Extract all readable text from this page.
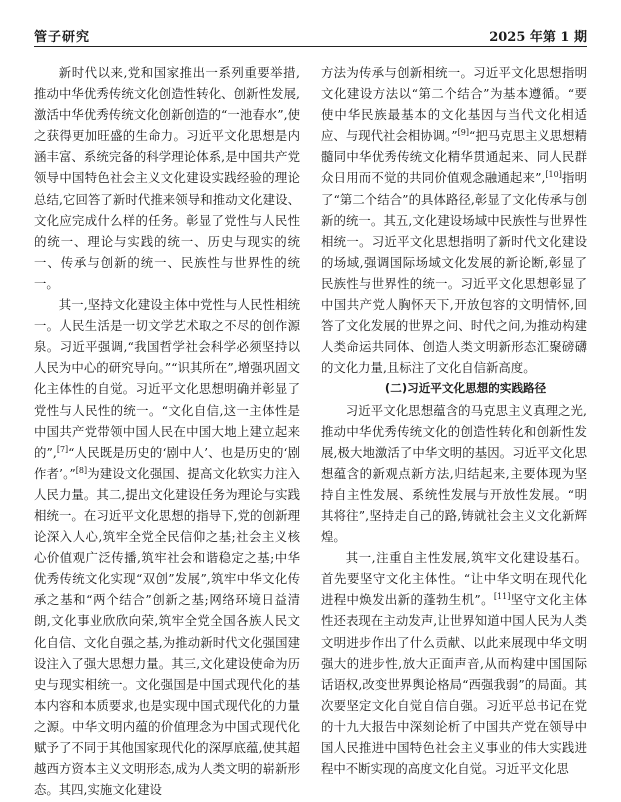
管子研究	2025 年第 1 期

新时代以来,党和国家推出一系列重要举措,推动中华优秀传统文化创造性转化、创新性发展,激活中华优秀传统文化创新创造的“一池春水”,使之获得更加旺盛的生命力。习近平文化思想是内涵丰富、系统完备的科学理论体系,是中国共产党领导中国特色社会主义文化建设实践经验的理论总结,它回答了新时代推来领导和推动文化建设、文化应完成什么样的任务。彰显了党性与人民性的统一、理论与实践的统一、历史与现实的统一、传承与创新的统一、民族性与世界性的统一。

其一,坚持文化建设主体中党性与人民性相统一。人民生活是一切文学艺术取之不尽的创作源泉。习近平强调,“我国哲学社会科学必须坚持以人民为中心的研究导向。”“识其所在”,增强巩固文化主体性的自觉。习近平文化思想明确并彰显了党性与人民性的统一。“文化自信,这一主体性是中国共产党带领中国人民在中国大地上建立起来的”,[7]“人民既是历史的‘剧中人’、也是历史的‘剧作者’。”[8]为建设文化强国、提高文化软实力注入人民力量。其二,提出文化建设任务为理论与实践相统一。在习近平文化思想的指导下,党的创新理论深入人心,筑牢全党全民信仰之基;社会主义核心价值观广泛传播,筑牢社会和谐稳定之基;中华优秀传统文化实现“双创”发展”,筑牢中华文化传承之基和“两个结合”创新之基;网络环境日益清朗,文化事业欣欣向荣,筑牢全党全国各族人民文化自信、文化自强之基,为推动新时代文化强国建设注入了强大思想力量。其三,文化建设使命为历史与现实相统一。文化强国是中国式现代化的基本内容和本质要求,也是实现中国式现代化的力量之源。中华文明内蕴的价值理念为中国式现代化赋予了不同于其他国家现代化的深厚底蕴,使其超越西方资本主义文明形态,成为人类文明的崭新形态。其四,实施文化建设

方法为传承与创新相统一。习近平文化思想指明文化建设方法以“第二个结合”为基本遵循。“要使中华民族最基本的文化基因与当代文化相适应、与现代社会相协调。”[9]“把马克思主义思想精髓同中华优秀传统文化精华贯通起来、同人民群众日用而不觉的共同价值观念融通起来”,[10]指明了“第二个结合”的具体路径,彰显了文化传承与创新的统一。其五,文化建设场域中民族性与世界性相统一。习近平文化思想指明了新时代文化建设的场域,强调国际场域文化发展的新论断,彰显了民族性与世界性的统一。习近平文化思想彰显了中国共产党人胸怀天下,开放包容的文明情怀,回答了文化发展的世界之问、时代之问,为推动构建人类命运共同体、创造人类文明新形态汇聚磅礴的文化力量,且标注了文化自信新高度。

(二)习近平文化思想的实践路径

习近平文化思想蕴含的马克思主义真理之光,推动中华优秀传统文化的创造性转化和创新性发展,极大地激活了中华文明的基因。习近平文化思想蕴含的新观点新方法,归结起来,主要体现为坚持自主性发展、系统性发展与开放性发展。“明其将往”,坚持走自己的路,铸就社会主义文化新辉煌。

其一,注重自主性发展,筑牢文化建设基石。首先要坚守文化主体性。“让中华文明在现代化进程中焕发出新的蓬勃生机”。[11]坚守文化主体性还表现在主动发声,让世界知道中国人民为人类文明进步作出了什么贡献、以此来展现中华文明强大的进步性,放大正面声音,从而构建中国国际话语权,改变世界舆论格局“西强我弱”的局面。其次要坚定文化自觉自信自强。习近平总书记在党的十九大报告中深刻论析了中国共产党在领导中国人民推进中国特色社会主义事业的伟大实践进程中不断实现的高度文化自觉。习近平文化思
